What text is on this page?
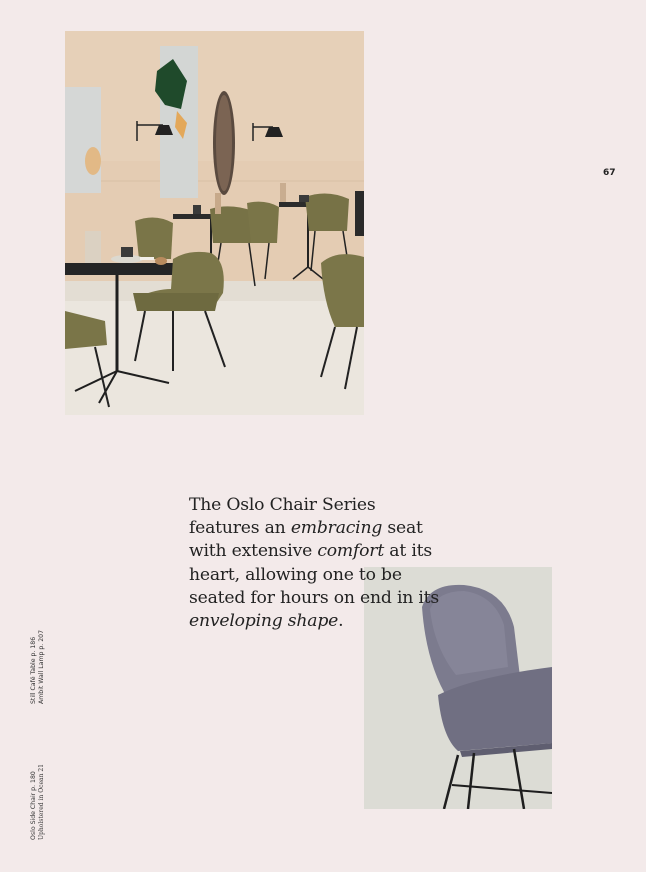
67
The Oslo Chair Series features an embracing seat with extensive comfort at its heart, allowing one to be seated for hours on end in its enveloping shape.
Still Café Table p. 186 Ambit Wall Lamp p. 207
Oslo Side Chair p. 180 Upholstered in Ocean 21
